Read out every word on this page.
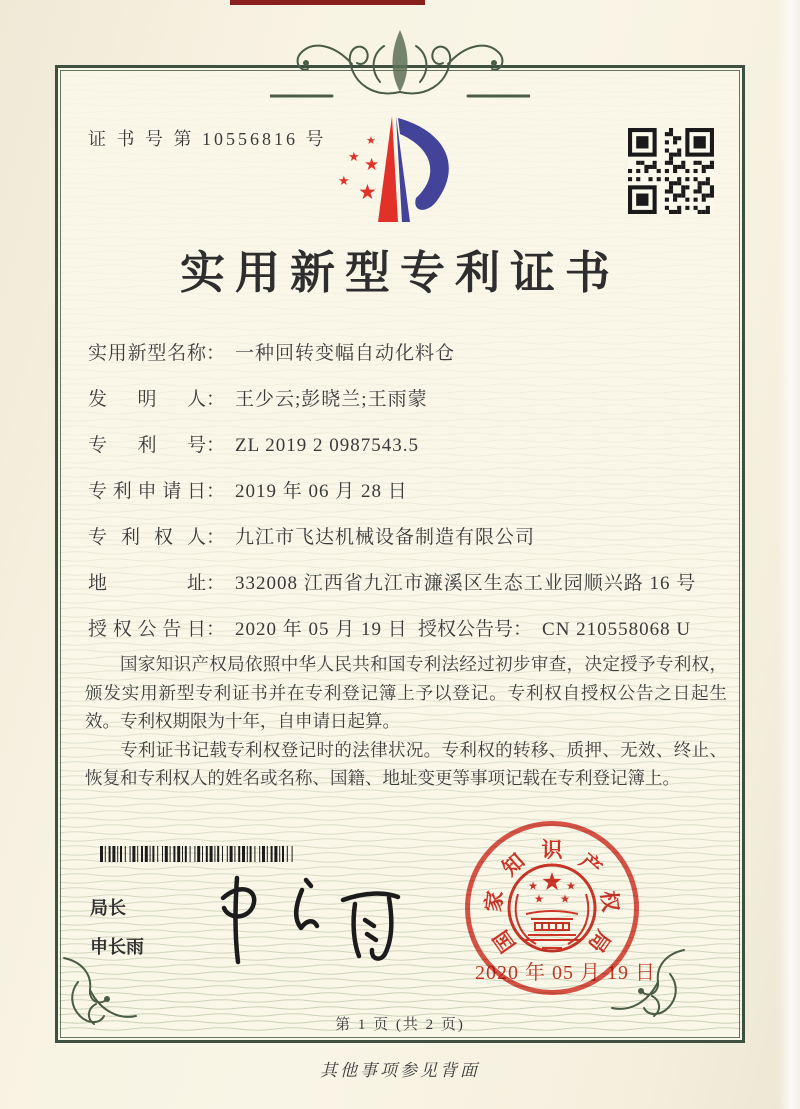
证 书 号 第 10556816 号	★
★ ★
★ ★
实用新型专利证书
实用新型名称： 一种回转变幅自动化料仓
发明人： 王少云;彭晓兰;王雨蒙
专利号： ZL 2019 2 0987543.5
专利申请日： 2019 年 06 月 28 日
专利权人： 九江市飞达机械设备制造有限公司
地址： 332008 江西省九江市濂溪区生态工业园顺兴路 16 号
授权公告日： 2020 年 05 月 19 日 授权公告号： CN 210558068 U

国家知识产权局依照中华人民共和国专利法经过初步审查，决定授予专利权，颁发实用新型专利证书并在专利登记簿上予以登记。专利权自授权公告之日起生效。专利权期限为十年，自申请日起算。

专利证书记载专利权登记时的法律状况。专利权的转移、质押、无效、终止、恢复和专利权人的姓名或名称、国籍、地址变更等事项记载在专利登记簿上。

局长
申长雨	国
家
知 识 产
权
局
2020 年 05 月 19 日
第 1 页 (共 2 页)
其他事项参见背面
